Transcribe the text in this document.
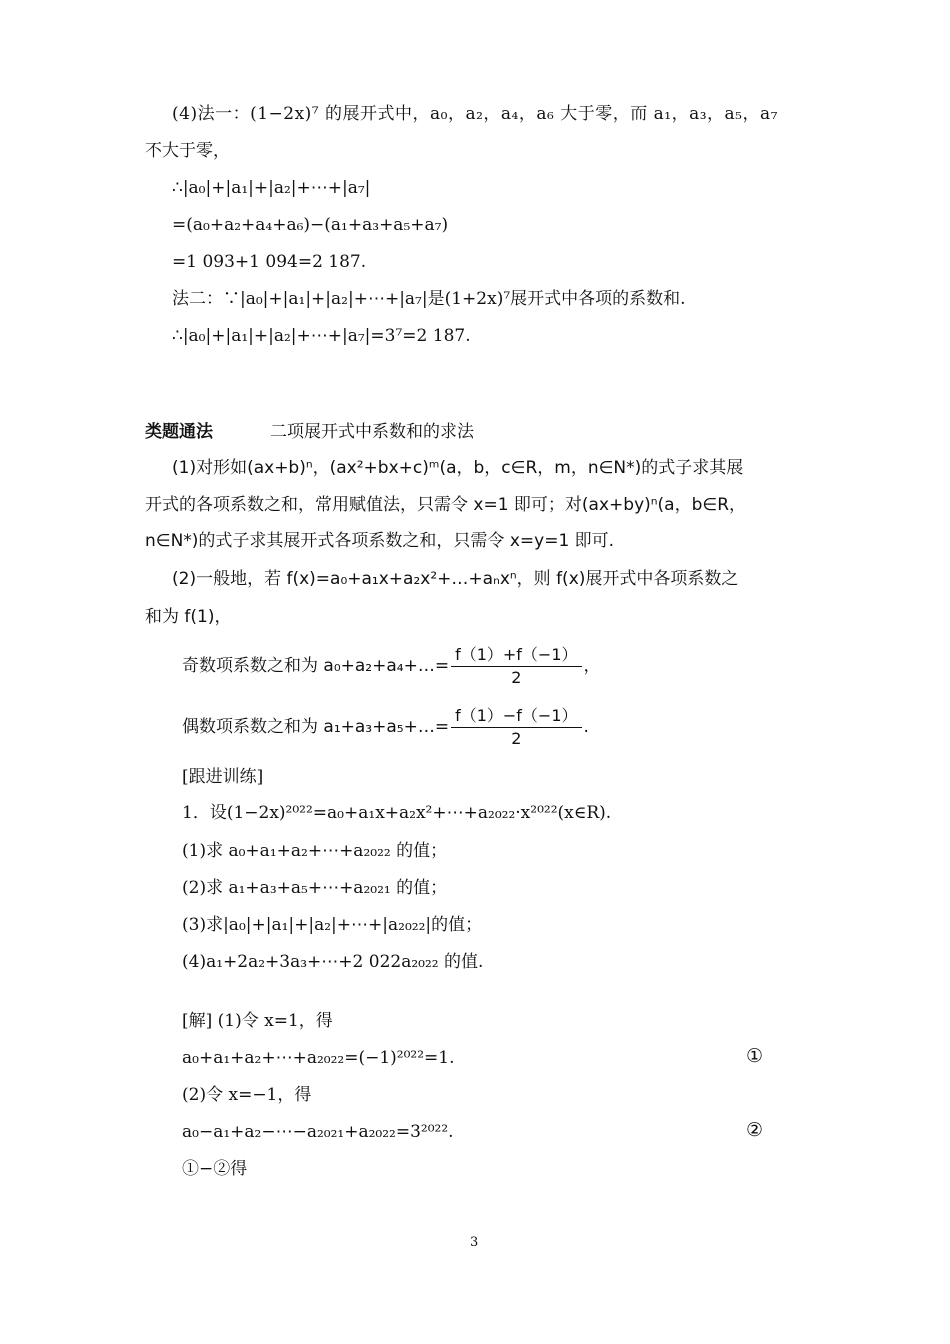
(4)法一：(1−2x)⁷ 的展开式中，a₀，a₂，a₄，a₆ 大于零，而 a₁，a₃，a₅，a₇
不大于零，
∴|a₀|+|a₁|+|a₂|+⋯+|a₇|
=(a₀+a₂+a₄+a₆)−(a₁+a₃+a₅+a₇)
=1 093+1 094=2 187.
法二：∵|a₀|+|a₁|+|a₂|+⋯+|a₇|是(1+2x)⁷展开式中各项的系数和.
∴|a₀|+|a₁|+|a₂|+⋯+|a₇|=3⁷=2 187.
类题通法	二项展开式中系数和的求法
(1)对形如(ax+b)ⁿ，(ax²+bx+c)ᵐ(a，b，c∈R，m，n∈N*)的式子求其展
开式的各项系数之和，常用赋值法，只需令 x=1 即可；对(ax+by)ⁿ(a，b∈R，
n∈N*)的式子求其展开式各项系数之和，只需令 x=y=1 即可.
(2)一般地，若 f(x)=a₀+a₁x+a₂x²+…+aₙxⁿ，则 f(x)展开式中各项系数之
和为 f(1)，
奇数项系数之和为 a₀+a₂+a₄+…= $\frac{f(1)+f(-1)}{2}$ ，
偶数项系数之和为 a₁+a₃+a₅+…= $\frac{f(1)-f(-1)}{2}$ .
[跟进训练]
1．设(1−2x)²⁰²²=a₀+a₁x+a₂x²+⋯+a₂₀₂₂·x²⁰²²(x∈R).
(1)求 a₀+a₁+a₂+⋯+a₂₀₂₂ 的值；
(2)求 a₁+a₃+a₅+⋯+a₂₀₂₁ 的值；
(3)求|a₀|+|a₁|+|a₂|+⋯+|a₂₀₂₂|的值；
(4)a₁+2a₂+3a₃+⋯+2 022a₂₀₂₂ 的值.
[解] (1)令 x=1，得
a₀+a₁+a₂+⋯+a₂₀₂₂=(−1)²⁰²²=1.	①
(2)令 x=−1，得
a₀−a₁+a₂−⋯−a₂₀₂₁+a₂₀₂₂=3²⁰²².	②
①−②得
3
